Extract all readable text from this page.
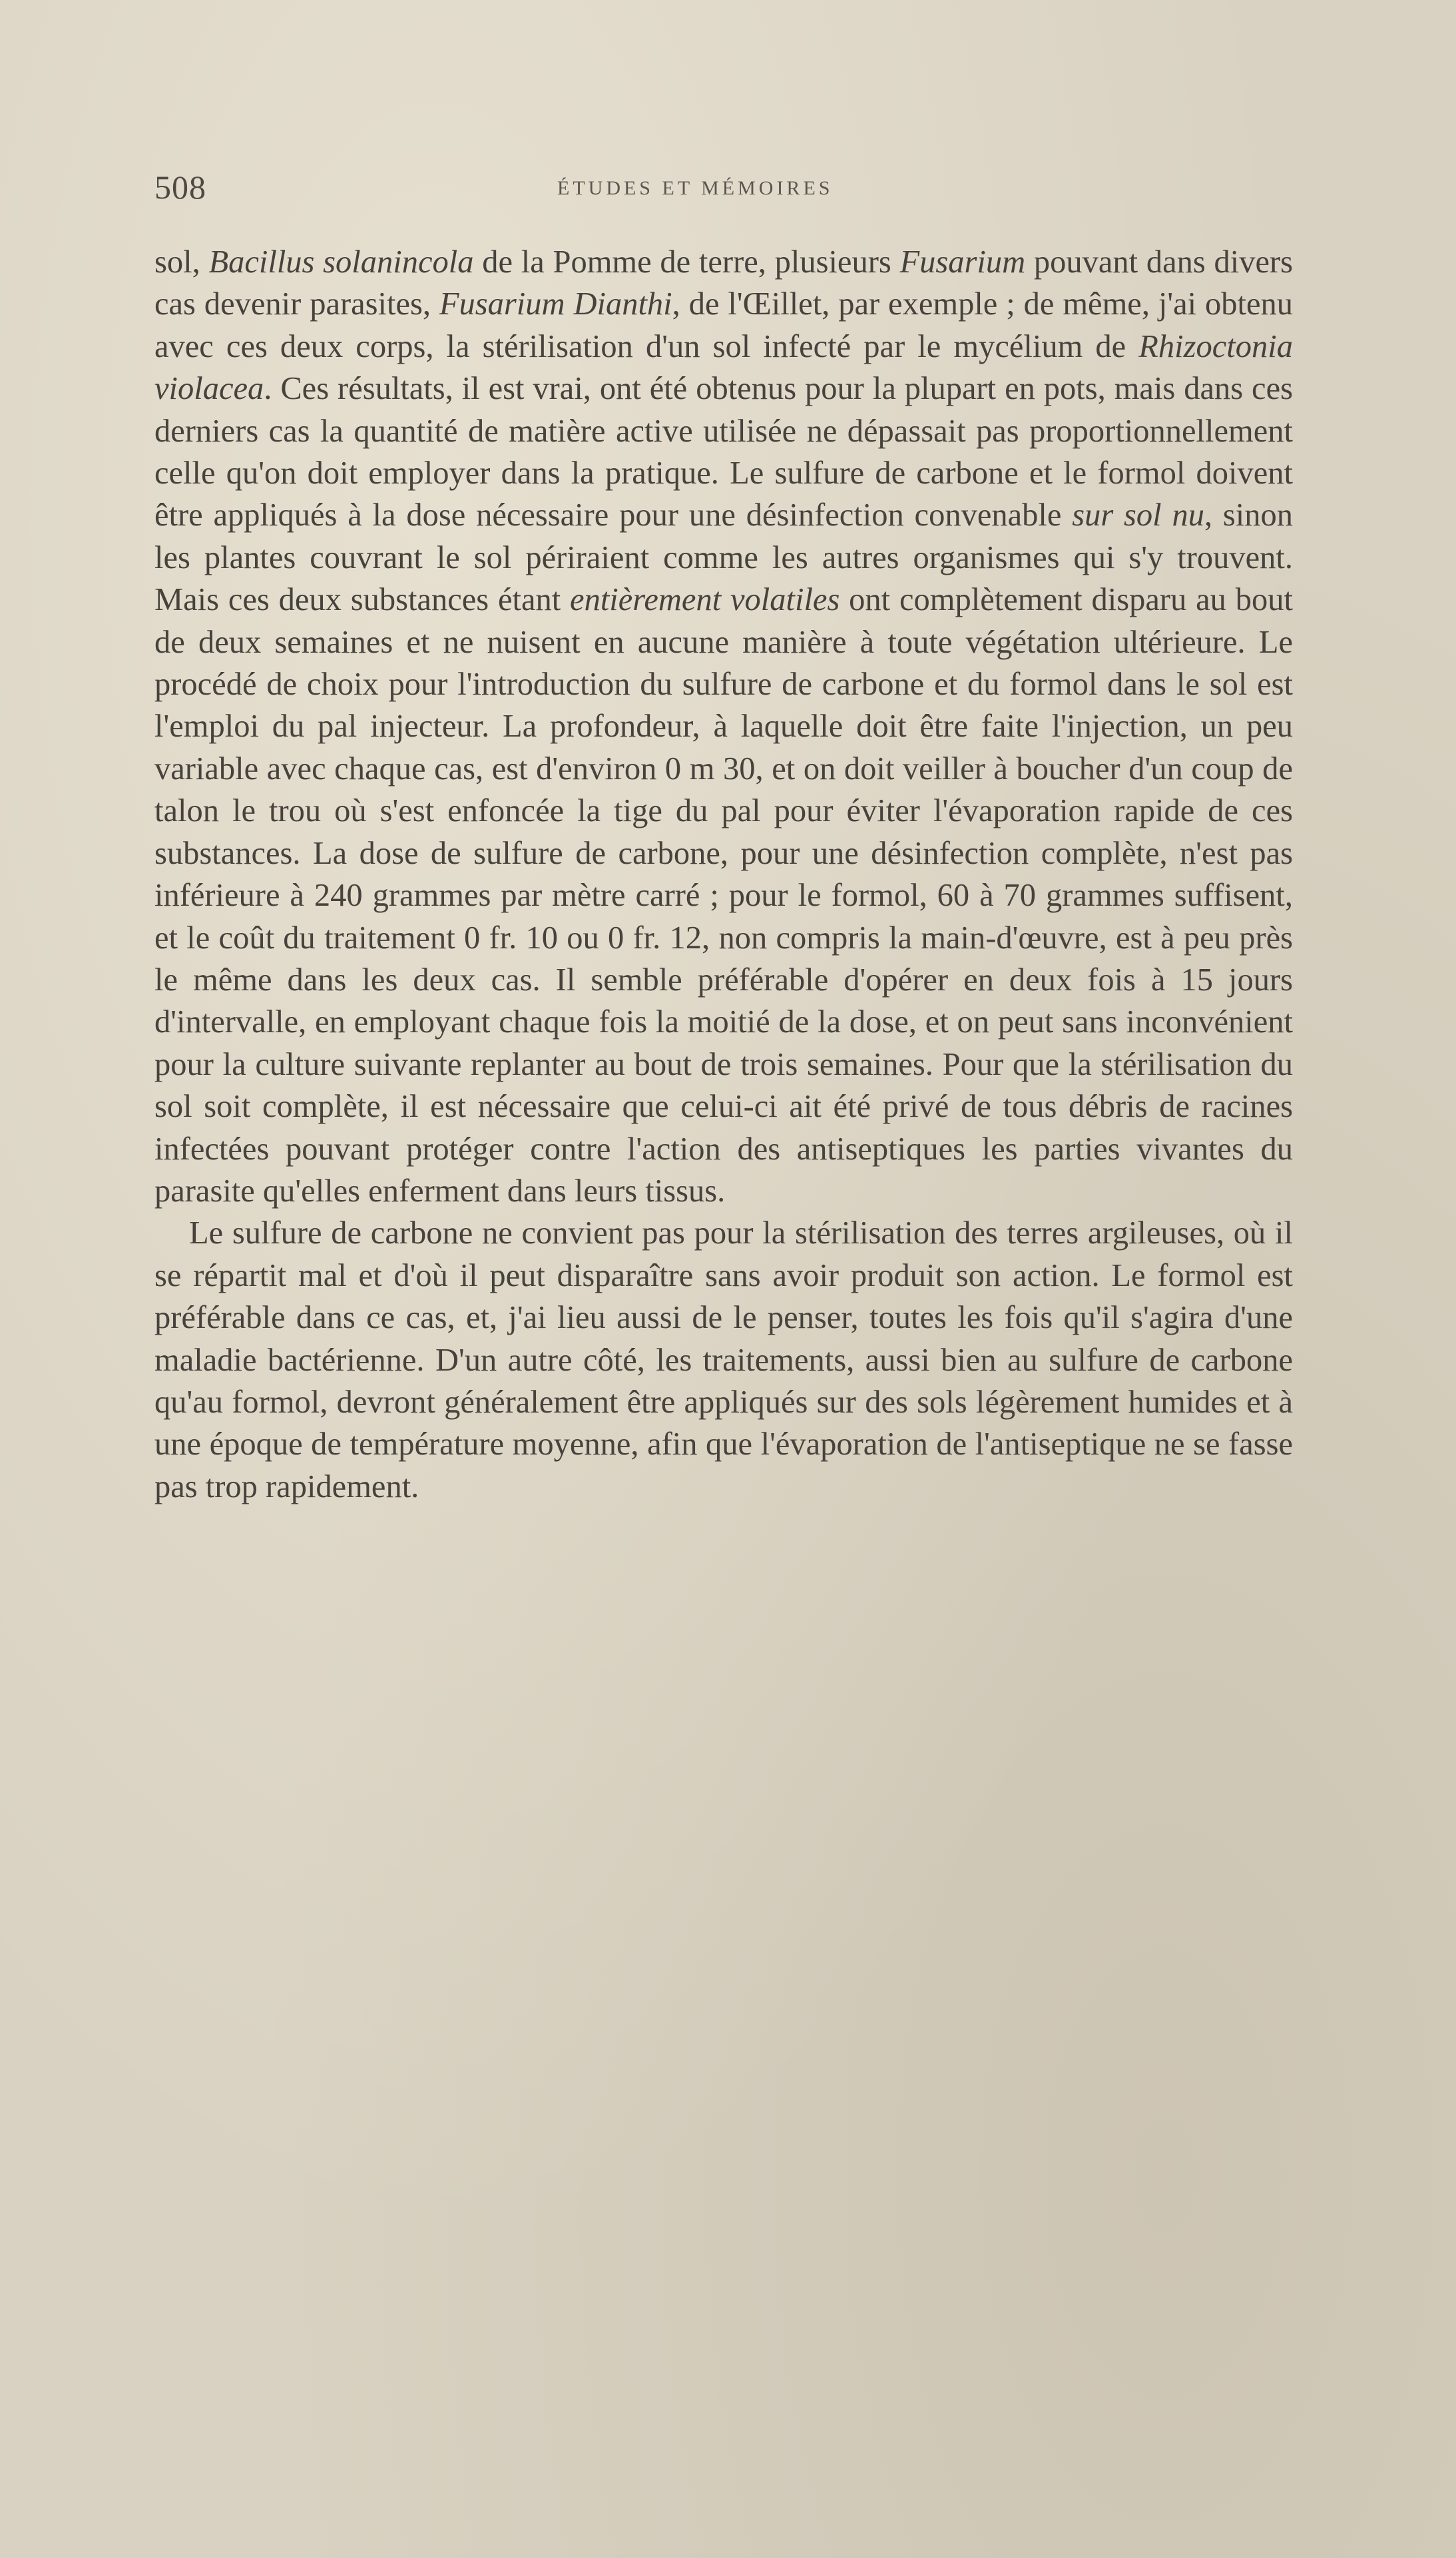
508	ÉTUDES ET MÉMOIRES

sol, Bacillus solanincola de la Pomme de terre, plusieurs Fusarium pouvant dans divers cas devenir parasites, Fusarium Dianthi, de l'Œillet, par exemple ; de même, j'ai obtenu avec ces deux corps, la stérilisation d'un sol infecté par le mycélium de Rhizoctonia violacea. Ces résultats, il est vrai, ont été obtenus pour la plupart en pots, mais dans ces derniers cas la quantité de matière active utilisée ne dépassait pas proportionnellement celle qu'on doit employer dans la pratique. Le sulfure de carbone et le formol doivent être appliqués à la dose nécessaire pour une désinfection convenable sur sol nu, sinon les plantes couvrant le sol périraient comme les autres organismes qui s'y trouvent. Mais ces deux substances étant entièrement volatiles ont complètement disparu au bout de deux semaines et ne nuisent en aucune manière à toute végétation ultérieure. Le procédé de choix pour l'introduction du sulfure de carbone et du formol dans le sol est l'emploi du pal injecteur. La profondeur, à laquelle doit être faite l'injection, un peu variable avec chaque cas, est d'environ 0 m 30, et on doit veiller à boucher d'un coup de talon le trou où s'est enfoncée la tige du pal pour éviter l'évaporation rapide de ces substances. La dose de sulfure de carbone, pour une désinfection complète, n'est pas inférieure à 240 grammes par mètre carré ; pour le formol, 60 à 70 grammes suffisent, et le coût du traitement 0 fr. 10 ou 0 fr. 12, non compris la main-d'œuvre, est à peu près le même dans les deux cas. Il semble préférable d'opérer en deux fois à 15 jours d'intervalle, en employant chaque fois la moitié de la dose, et on peut sans inconvénient pour la culture suivante replanter au bout de trois semaines. Pour que la stérilisation du sol soit complète, il est nécessaire que celui-ci ait été privé de tous débris de racines infectées pouvant protéger contre l'action des antiseptiques les parties vivantes du parasite qu'elles enferment dans leurs tissus.

Le sulfure de carbone ne convient pas pour la stérilisation des terres argileuses, où il se répartit mal et d'où il peut disparaître sans avoir produit son action. Le formol est préférable dans ce cas, et, j'ai lieu aussi de le penser, toutes les fois qu'il s'agira d'une maladie bactérienne. D'un autre côté, les traitements, aussi bien au sulfure de carbone qu'au formol, devront généralement être appliqués sur des sols légèrement humides et à une époque de température moyenne, afin que l'évaporation de l'antiseptique ne se fasse pas trop rapidement.
